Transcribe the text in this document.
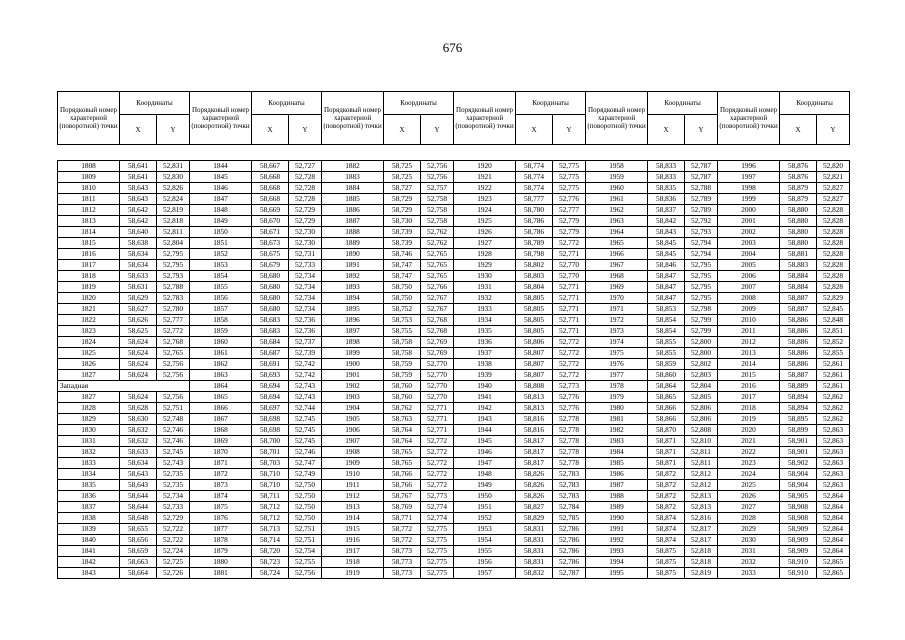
676
Порядковый номер характерной (поворотной) точки	Координаты		Порядковый номер характерной (поворотной) точки	Координаты		Порядковый номер характерной (поворотной) точки	Координаты		Порядковый номер характерной (поворотной) точки	Координаты		Порядковый номер характерной (поворотной) точки	Координаты		Порядковый номер характерной (поворотной) точки	Координаты	
	X	Y		X	Y		X	Y		X	Y		X	Y		X	Y
1808	58,641	52,831	1844	58,667	52,727	1882	58,725	52,756	1920	58,774	52,775	1958	58,833	52,787	1996	58,876	52,820
1809	58,641	52,830	1845	58,668	52,728	1883	58,725	52,756	1921	58,774	52,775	1959	58,833	52,787	1997	58,876	52,821
1810	58,643	52,826	1846	58,668	52,728	1884	58,727	52,757	1922	58,774	52,775	1960	58,835	52,788	1998	58,879	52,827
1811	58,643	52,824	1847	58,668	52,728	1885	58,729	52,758	1923	58,777	52,776	1961	58,836	52,789	1999	58,879	52,827
1812	58,642	52,819	1848	58,669	52,729	1886	58,729	52,758	1924	58,780	52,777	1962	58,837	52,789	2000	58,880	52,828
1813	58,642	52,818	1849	58,670	52,729	1887	58,730	52,758	1925	58,786	52,779	1963	58,842	52,792	2001	58,880	52,828
1814	58,640	52,811	1850	58,671	52,730	1888	58,739	52,762	1926	58,786	52,779	1964	58,843	52,793	2002	58,880	52,828
1815	58,638	52,804	1851	58,673	52,730	1889	58,739	52,762	1927	58,789	52,772	1965	58,845	52,794	2003	58,880	52,828
1816	58,634	52,795	1852	58,675	52,731	1890	58,746	52,765	1928	58,798	52,771	1966	58,845	52,794	2004	58,881	52,828
1817	58,634	52,795	1853	58,679	52,733	1891	58,747	52,765	1929	58,802	52,770	1967	58,846	52,795	2005	58,883	52,828
1818	58,633	52,793	1854	58,680	52,734	1892	58,747	52,765	1930	58,803	52,770	1968	58,847	52,795	2006	58,884	52,828
1819	58,631	52,788	1855	58,680	52,734	1893	58,750	52,766	1931	58,804	52,771	1969	58,847	52,795	2007	58,884	52,828
1820	58,629	52,783	1856	58,680	52,734	1894	58,750	52,767	1932	58,805	52,771	1970	58,847	52,795	2008	58,887	52,829
1821	58,627	52,780	1857	58,680	52,734	1895	58,752	52,767	1933	58,805	52,771	1971	58,853	52,798	2009	58,887	52,845
1822	58,626	52,777	1858	58,683	52,736	1896	58,753	52,768	1934	58,805	52,771	1972	58,854	52,799	2010	58,886	52,848
1823	58,625	52,772	1859	58,683	52,736	1897	58,755	52,768	1935	58,805	52,771	1973	58,854	52,799	2011	58,886	52,851
1824	58,624	52,768	1860	58,684	52,737	1898	58,758	52,769	1936	58,806	52,772	1974	58,855	52,800	2012	58,886	52,852
1825	58,624	52,765	1861	58,687	52,739	1899	58,758	52,769	1937	58,807	52,772	1975	58,855	52,800	2013	58,886	52,855
1826	58,624	52,756	1862	58,691	52,742	1900	58,759	52,770	1938	58,807	52,772	1976	58,859	52,802	2014	58,886	52,861
1827	58,624	52,756	1863	58,693	52,742	1901	58,759	52,770	1939	58,807	52,772	1977	58,860	52,803	2015	58,887	52,861
Западная			1864	58,694	52,743	1902	58,760	52,770	1940	58,808	52,773	1978	58,864	52,804	2016	58,889	52,861
1827	58,624	52,756	1865	58,694	52,743	1903	58,760	52,770	1941	58,813	52,776	1979	58,865	52,805	2017	58,894	52,862
1828	58,628	52,751	1866	58,697	52,744	1904	58,762	52,771	1942	58,813	52,776	1980	58,866	52,806	2018	58,894	52,862
1829	58,630	52,748	1867	58,698	52,745	1905	58,763	52,771	1943	58,816	52,778	1981	58,866	52,806	2019	58,895	52,862
1830	58,632	52,746	1868	58,698	52,745	1906	58,764	52,771	1944	58,816	52,778	1982	58,870	52,808	2020	58,899	52,863
1831	58,632	52,746	1869	58,700	52,745	1907	58,764	52,772	1945	58,817	52,778	1983	58,871	52,810	2021	58,901	52,863
1832	58,633	52,745	1870	58,701	52,746	1908	58,765	52,772	1946	58,817	52,778	1984	58,871	52,811	2022	58,901	52,863
1833	58,634	52,743	1871	58,703	52,747	1909	58,765	52,772	1947	58,817	52,778	1985	58,871	52,811	2023	58,902	52,863
1834	58,643	52,735	1872	58,710	52,749	1910	58,766	52,772	1948	58,826	52,783	1986	58,872	52,812	2024	58,904	52,863
1835	58,643	52,735	1873	58,710	52,750	1911	58,766	52,772	1949	58,826	52,783	1987	58,872	52,812	2025	58,904	52,863
1836	58,644	52,734	1874	58,711	52,750	1912	58,767	52,773	1950	58,826	52,783	1988	58,872	52,813	2026	58,905	52,864
1837	58,644	52,733	1875	58,712	52,750	1913	58,769	52,774	1951	58,827	52,784	1989	58,872	52,813	2027	58,908	52,864
1838	58,648	52,729	1876	58,712	52,750	1914	58,771	52,774	1952	58,829	52,785	1990	58,874	52,816	2028	58,908	52,864
1839	58,655	52,722	1877	58,713	52,751	1915	58,772	52,775	1953	58,831	52,786	1991	58,874	52,817	2029	58,909	52,864
1840	58,656	52,722	1878	58,714	52,751	1916	58,772	52,775	1954	58,831	52,786	1992	58,874	52,817	2030	58,909	52,864
1841	58,659	52,724	1879	58,720	52,754	1917	58,773	52,775	1955	58,831	52,786	1993	58,875	52,818	2031	58,909	52,864
1842	58,663	52,725	1880	58,723	52,755	1918	58,773	52,775	1956	58,831	52,786	1994	58,875	52,818	2032	58,910	52,865
1843	58,664	52,726	1881	58,724	52,756	1919	58,773	52,775	1957	58,832	52,787	1995	58,875	52,819	2033	58,910	52,865
